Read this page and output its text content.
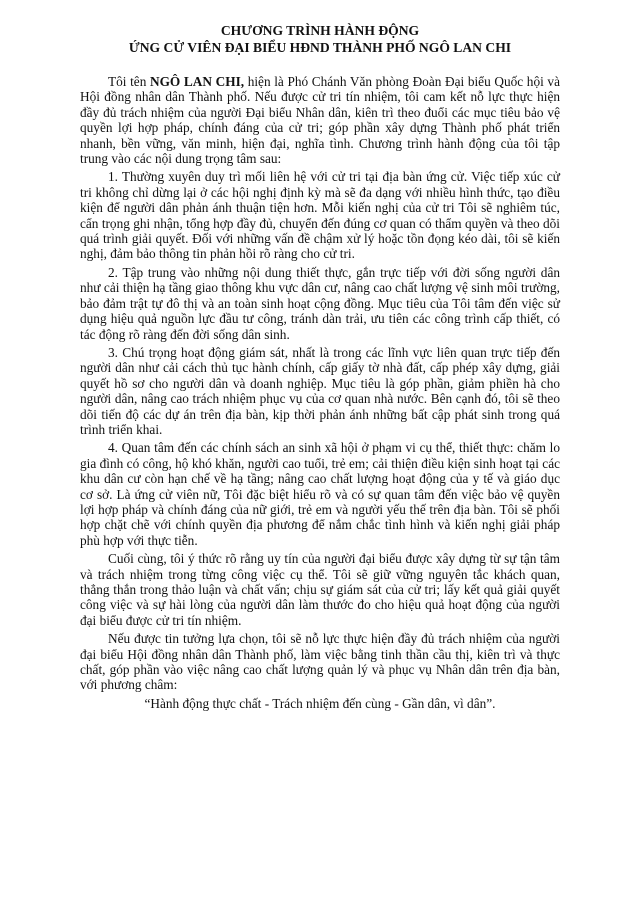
CHƯƠNG TRÌNH HÀNH ĐỘNG
ỨNG CỬ VIÊN ĐẠI BIỂU HĐND THÀNH PHỐ NGÔ LAN CHI

Tôi tên NGÔ LAN CHI, hiện là Phó Chánh Văn phòng Đoàn Đại biểu Quốc hội và Hội đồng nhân dân Thành phố. Nếu được cử tri tín nhiệm, tôi cam kết nỗ lực thực hiện đầy đủ trách nhiệm của người Đại biểu Nhân dân, kiên trì theo đuổi các mục tiêu bảo vệ quyền lợi hợp pháp, chính đáng của cử tri; góp phần xây dựng Thành phố phát triển nhanh, bền vững, văn minh, hiện đại, nghĩa tình. Chương trình hành động của tôi tập trung vào các nội dung trọng tâm sau:

1. Thường xuyên duy trì mối liên hệ với cử tri tại địa bàn ứng cử. Việc tiếp xúc cử tri không chỉ dừng lại ở các hội nghị định kỳ mà sẽ đa dạng với nhiều hình thức, tạo điều kiện để người dân phản ánh thuận tiện hơn. Mỗi kiến nghị của cử tri Tôi sẽ nghiêm túc, cẩn trọng ghi nhận, tổng hợp đầy đủ, chuyển đến đúng cơ quan có thẩm quyền và theo dõi quá trình giải quyết. Đối với những vấn đề chậm xử lý hoặc tồn đọng kéo dài, tôi sẽ kiến nghị, đảm bảo thông tin phản hồi rõ ràng cho cử tri.

2. Tập trung vào những nội dung thiết thực, gắn trực tiếp với đời sống người dân như cải thiện hạ tầng giao thông khu vực dân cư, nâng cao chất lượng vệ sinh môi trường, bảo đảm trật tự đô thị và an toàn sinh hoạt cộng đồng. Mục tiêu của Tôi tâm đến việc sử dụng hiệu quả nguồn lực đầu tư công, tránh dàn trải, ưu tiên các công trình cấp thiết, có tác động rõ ràng đến đời sống dân sinh.

3. Chú trọng hoạt động giám sát, nhất là trong các lĩnh vực liên quan trực tiếp đến người dân như cải cách thủ tục hành chính, cấp giấy tờ nhà đất, cấp phép xây dựng, giải quyết hồ sơ cho người dân và doanh nghiệp. Mục tiêu là góp phần, giảm phiền hà cho người dân, nâng cao trách nhiệm phục vụ của cơ quan nhà nước. Bên cạnh đó, tôi sẽ theo dõi tiến độ các dự án trên địa bàn, kịp thời phản ánh những bất cập phát sinh trong quá trình triển khai.

4. Quan tâm đến các chính sách an sinh xã hội ở phạm vi cụ thể, thiết thực: chăm lo gia đình có công, hộ khó khăn, người cao tuổi, trẻ em; cải thiện điều kiện sinh hoạt tại các khu dân cư còn hạn chế về hạ tầng; nâng cao chất lượng hoạt động của y tế và giáo dục cơ sở. Là ứng cử viên nữ, Tôi đặc biệt hiểu rõ và có sự quan tâm đến việc bảo vệ quyền lợi hợp pháp và chính đáng của nữ giới, trẻ em và người yếu thế trên địa bàn. Tôi sẽ phối hợp chặt chẽ với chính quyền địa phương để nắm chắc tình hình và kiến nghị giải pháp phù hợp với thực tiễn.

Cuối cùng, tôi ý thức rõ rằng uy tín của người đại biểu được xây dựng từ sự tận tâm và trách nhiệm trong từng công việc cụ thể. Tôi sẽ giữ vững nguyên tắc khách quan, thẳng thắn trong thảo luận và chất vấn; chịu sự giám sát của cử tri; lấy kết quả giải quyết công việc và sự hài lòng của người dân làm thước đo cho hiệu quả hoạt động của người đại biểu được cử tri tín nhiệm.

Nếu được tin tưởng lựa chọn, tôi sẽ nỗ lực thực hiện đầy đủ trách nhiệm của người đại biểu Hội đồng nhân dân Thành phố, làm việc bằng tinh thần cầu thị, kiên trì và thực chất, góp phần vào việc nâng cao chất lượng quản lý và phục vụ Nhân dân trên địa bàn, với phương châm:

“Hành động thực chất - Trách nhiệm đến cùng - Gần dân, vì dân”.
